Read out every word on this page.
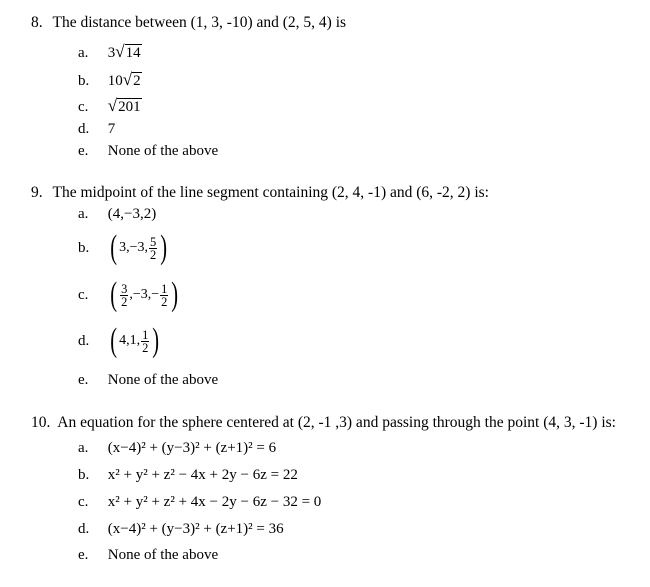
8. The distance between (1, 3, -10) and (2, 5, 4) is
a. 3√14
b. 10√2
c. √201
d. 7
e. None of the above
9. The midpoint of the line segment containing (2, 4, -1) and (6, -2, 2) is:
a. (4,−3,2)
b. ( 3,−3, $\frac{5}{2}$ )
c. ( $\frac{3}{2} ,-3,- \frac{1}{2}$ )
d. ( 4,1, $\frac{1}{2}$ )
e. None of the above
10. An equation for the sphere centered at (2, -1 ,3) and passing through the point (4, 3, -1) is:
a. (x−4)² + (y−3)² + (z+1)² = 6
b. x² + y² + z² − 4x + 2y − 6z = 22
c. x² + y² + z² + 4x − 2y − 6z − 32 = 0
d. (x−4)² + (y−3)² + (z+1)² = 36
e. None of the above
